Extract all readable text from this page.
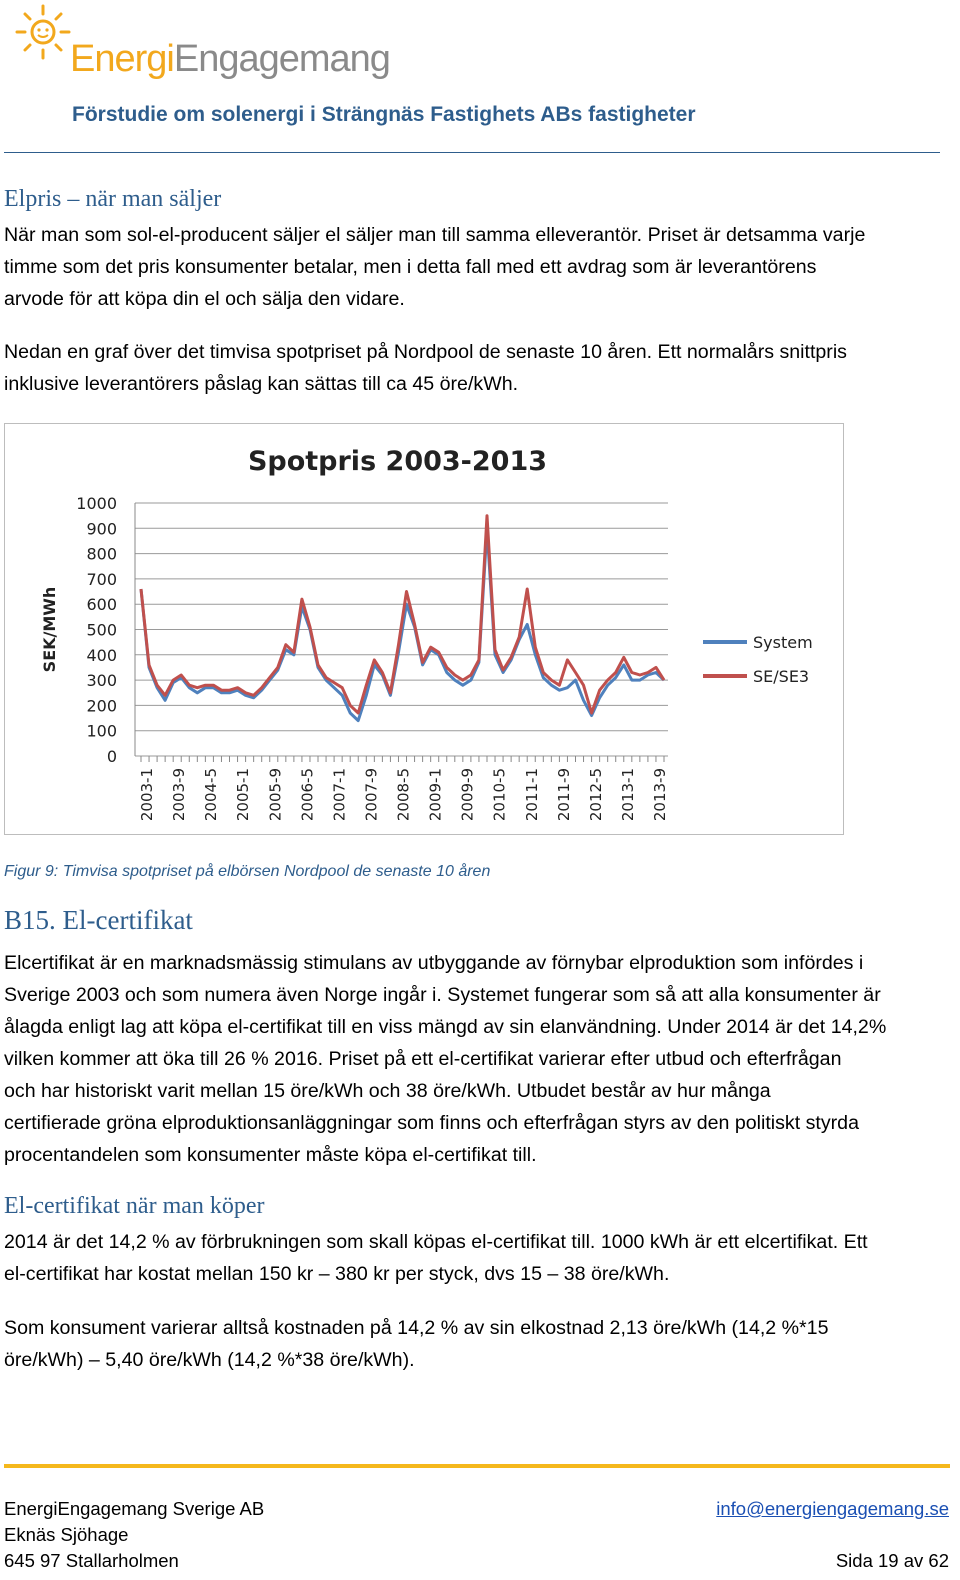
EnergiEngagemang
Förstudie om solenergi i Strängnäs Fastighets ABs fastigheter
Elpris – när man säljer
När man som sol-el-producent säljer el säljer man till samma elleverantör. Priset är detsamma varje
timme som det pris konsumenter betalar, men i detta fall med ett avdrag som är leverantörens
arvode för att köpa din el och sälja den vidare.
Nedan en graf över det timvisa spotpriset på Nordpool de senaste 10 åren. Ett normalårs snittpris
inklusive leverantörers påslag kan sättas till ca 45 öre/kWh.
Spotpris 2003-2013
0
100
200
300
400
500
600
700
800
900
1000
SEK/MWh
2003-1 2003-9 2004-5 2005-1 2005-9 2006-5 2007-1 2007-9 2008-5 2009-1 2009-9 2010-5 2011-1 2011-9 2012-5 2013-1 2013-9
System
SE/SE3
Figur 9: Timvisa spotpriset på elbörsen Nordpool de senaste 10 åren
B15. El-certifikat
Elcertifikat är en marknadsmässig stimulans av utbyggande av förnybar elproduktion som infördes i
Sverige 2003 och som numera även Norge ingår i. Systemet fungerar som så att alla konsumenter är
ålagda enligt lag att köpa el-certifikat till en viss mängd av sin elanvändning. Under 2014 är det 14,2%
vilken kommer att öka till 26 % 2016. Priset på ett el-certifikat varierar efter utbud och efterfrågan
och har historiskt varit mellan 15 öre/kWh och 38 öre/kWh. Utbudet består av hur många
certifierade gröna elproduktionsanläggningar som finns och efterfrågan styrs av den politiskt styrda
procentandelen som konsumenter måste köpa el-certifikat till.
El-certifikat när man köper
2014 är det 14,2 % av förbrukningen som skall köpas el-certifikat till. 1000 kWh är ett elcertifikat. Ett
el-certifikat har kostat mellan 150 kr – 380 kr per styck, dvs 15 – 38 öre/kWh.
Som konsument varierar alltså kostnaden på 14,2 % av sin elkostnad 2,13 öre/kWh (14,2 %*15
öre/kWh) – 5,40 öre/kWh (14,2 %*38 öre/kWh).
EnergiEngagemang Sverige AB
Eknäs Sjöhage
645 97 Stallarholmen
info@energiengagemang.se
Sida 19 av 62
